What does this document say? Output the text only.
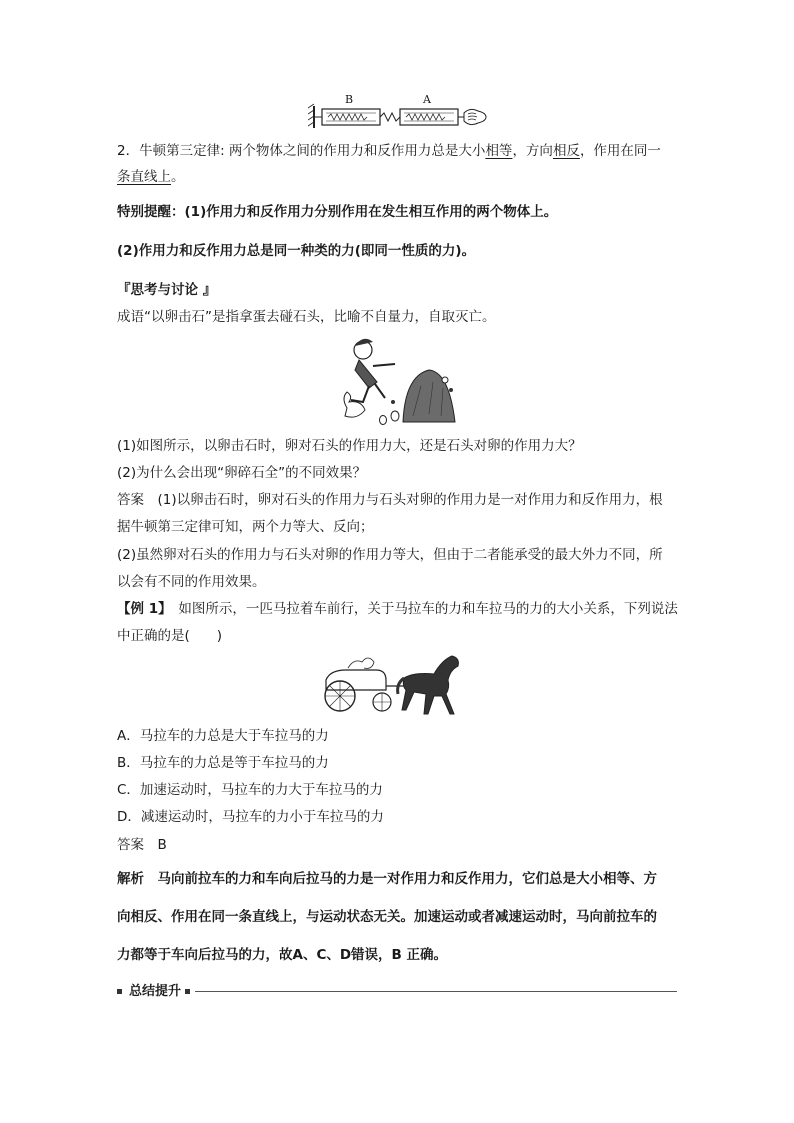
B	A
2．牛顿第三定律: 两个物体之间的作用力和反作用力总是大小相等，方向相反，作用在同一
条直线上。
特别提醒：(1)作用力和反作用力分别作用在发生相互作用的两个物体上。
(2)作用力和反作用力总是同一种类的力(即同一性质的力)。
『思考与讨论 』
成语“以卵击石”是指拿蛋去碰石头，比喻不自量力，自取灭亡。
(1)如图所示，以卵击石时，卵对石头的作用力大，还是石头对卵的作用力大？
(2)为什么会出现“卵碎石全”的不同效果？
答案　(1)以卵击石时，卵对石头的作用力与石头对卵的作用力是一对作用力和反作用力，根
据牛顿第三定律可知，两个力等大、反向；
(2)虽然卵对石头的作用力与石头对卵的作用力等大，但由于二者能承受的最大外力不同，所
以会有不同的作用效果。
【例 1】　如图所示，一匹马拉着车前行，关于马拉车的力和车拉马的力的大小关系，下列说法
中正确的是(　　)
A．马拉车的力总是大于车拉马的力
B．马拉车的力总是等于车拉马的力
C．加速运动时，马拉车的力大于车拉马的力
D．减速运动时，马拉车的力小于车拉马的力
答案　B
解析　马向前拉车的力和车向后拉马的力是一对作用力和反作用力，它们总是大小相等、方
向相反、作用在同一条直线上，与运动状态无关。加速运动或者减速运动时，马向前拉车的
力都等于车向后拉马的力，故A、C、D错误，B 正确。
总结提升
